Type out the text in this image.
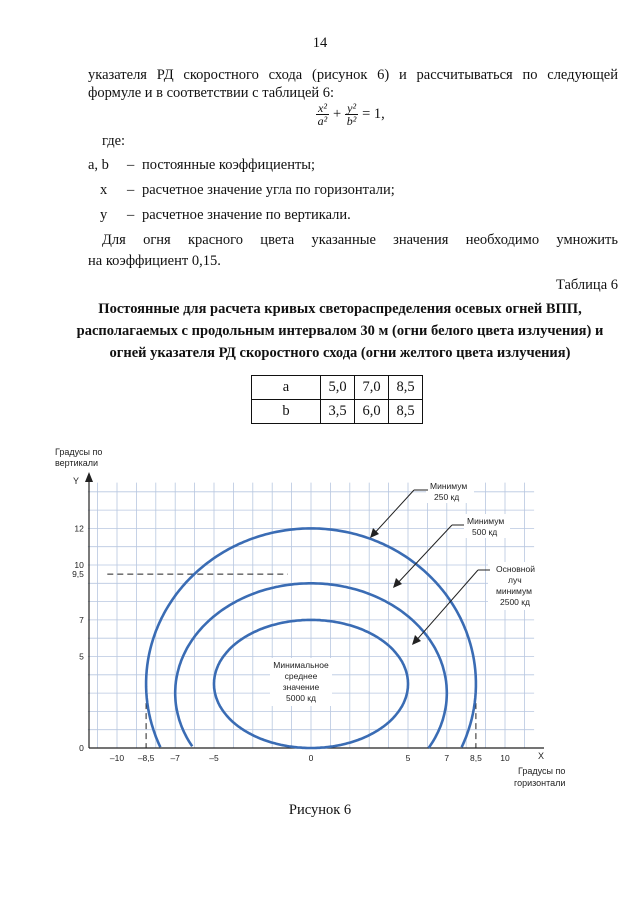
14
указателя РД скоростного схода (рисунок 6) и рассчитываться по следующей
формуле и в соответствии с таблицей 6:
$\frac{\text{x²}}{\text{a²}} + \frac{\text{y²}}{\text{b²}} = 1$,
где:
a, b – постоянные коэффициенты;
x – расчетное значение угла по горизонтали;
y – расчетное значение по вертикали.
Для огня красного цвета указанные значения необходимо умножить
на коэффициент 0,15.
Таблица 6
Постоянные для расчета кривых светораспределения осевых огней ВПП,
располагаемых с продольным интервалом 30 м (огни белого цвета излучения) и
огней указателя РД скоростного схода (огни желтого цвета излучения)
a	5,0	7,0	8,5
b	3,5	6,0	8,5
–10 –8,5 –7	–5	0	5	7 8,5 10
0
5
7
9,5
10
12
Градусы по
вертикали
Y
X
Градусы по
горизонтали
Минимум
250 кд
Минимум
500 кд
Основной
луч
минимум
2500 кд
Минимальное
среднее
значение
5000 кд
Рисунок 6
